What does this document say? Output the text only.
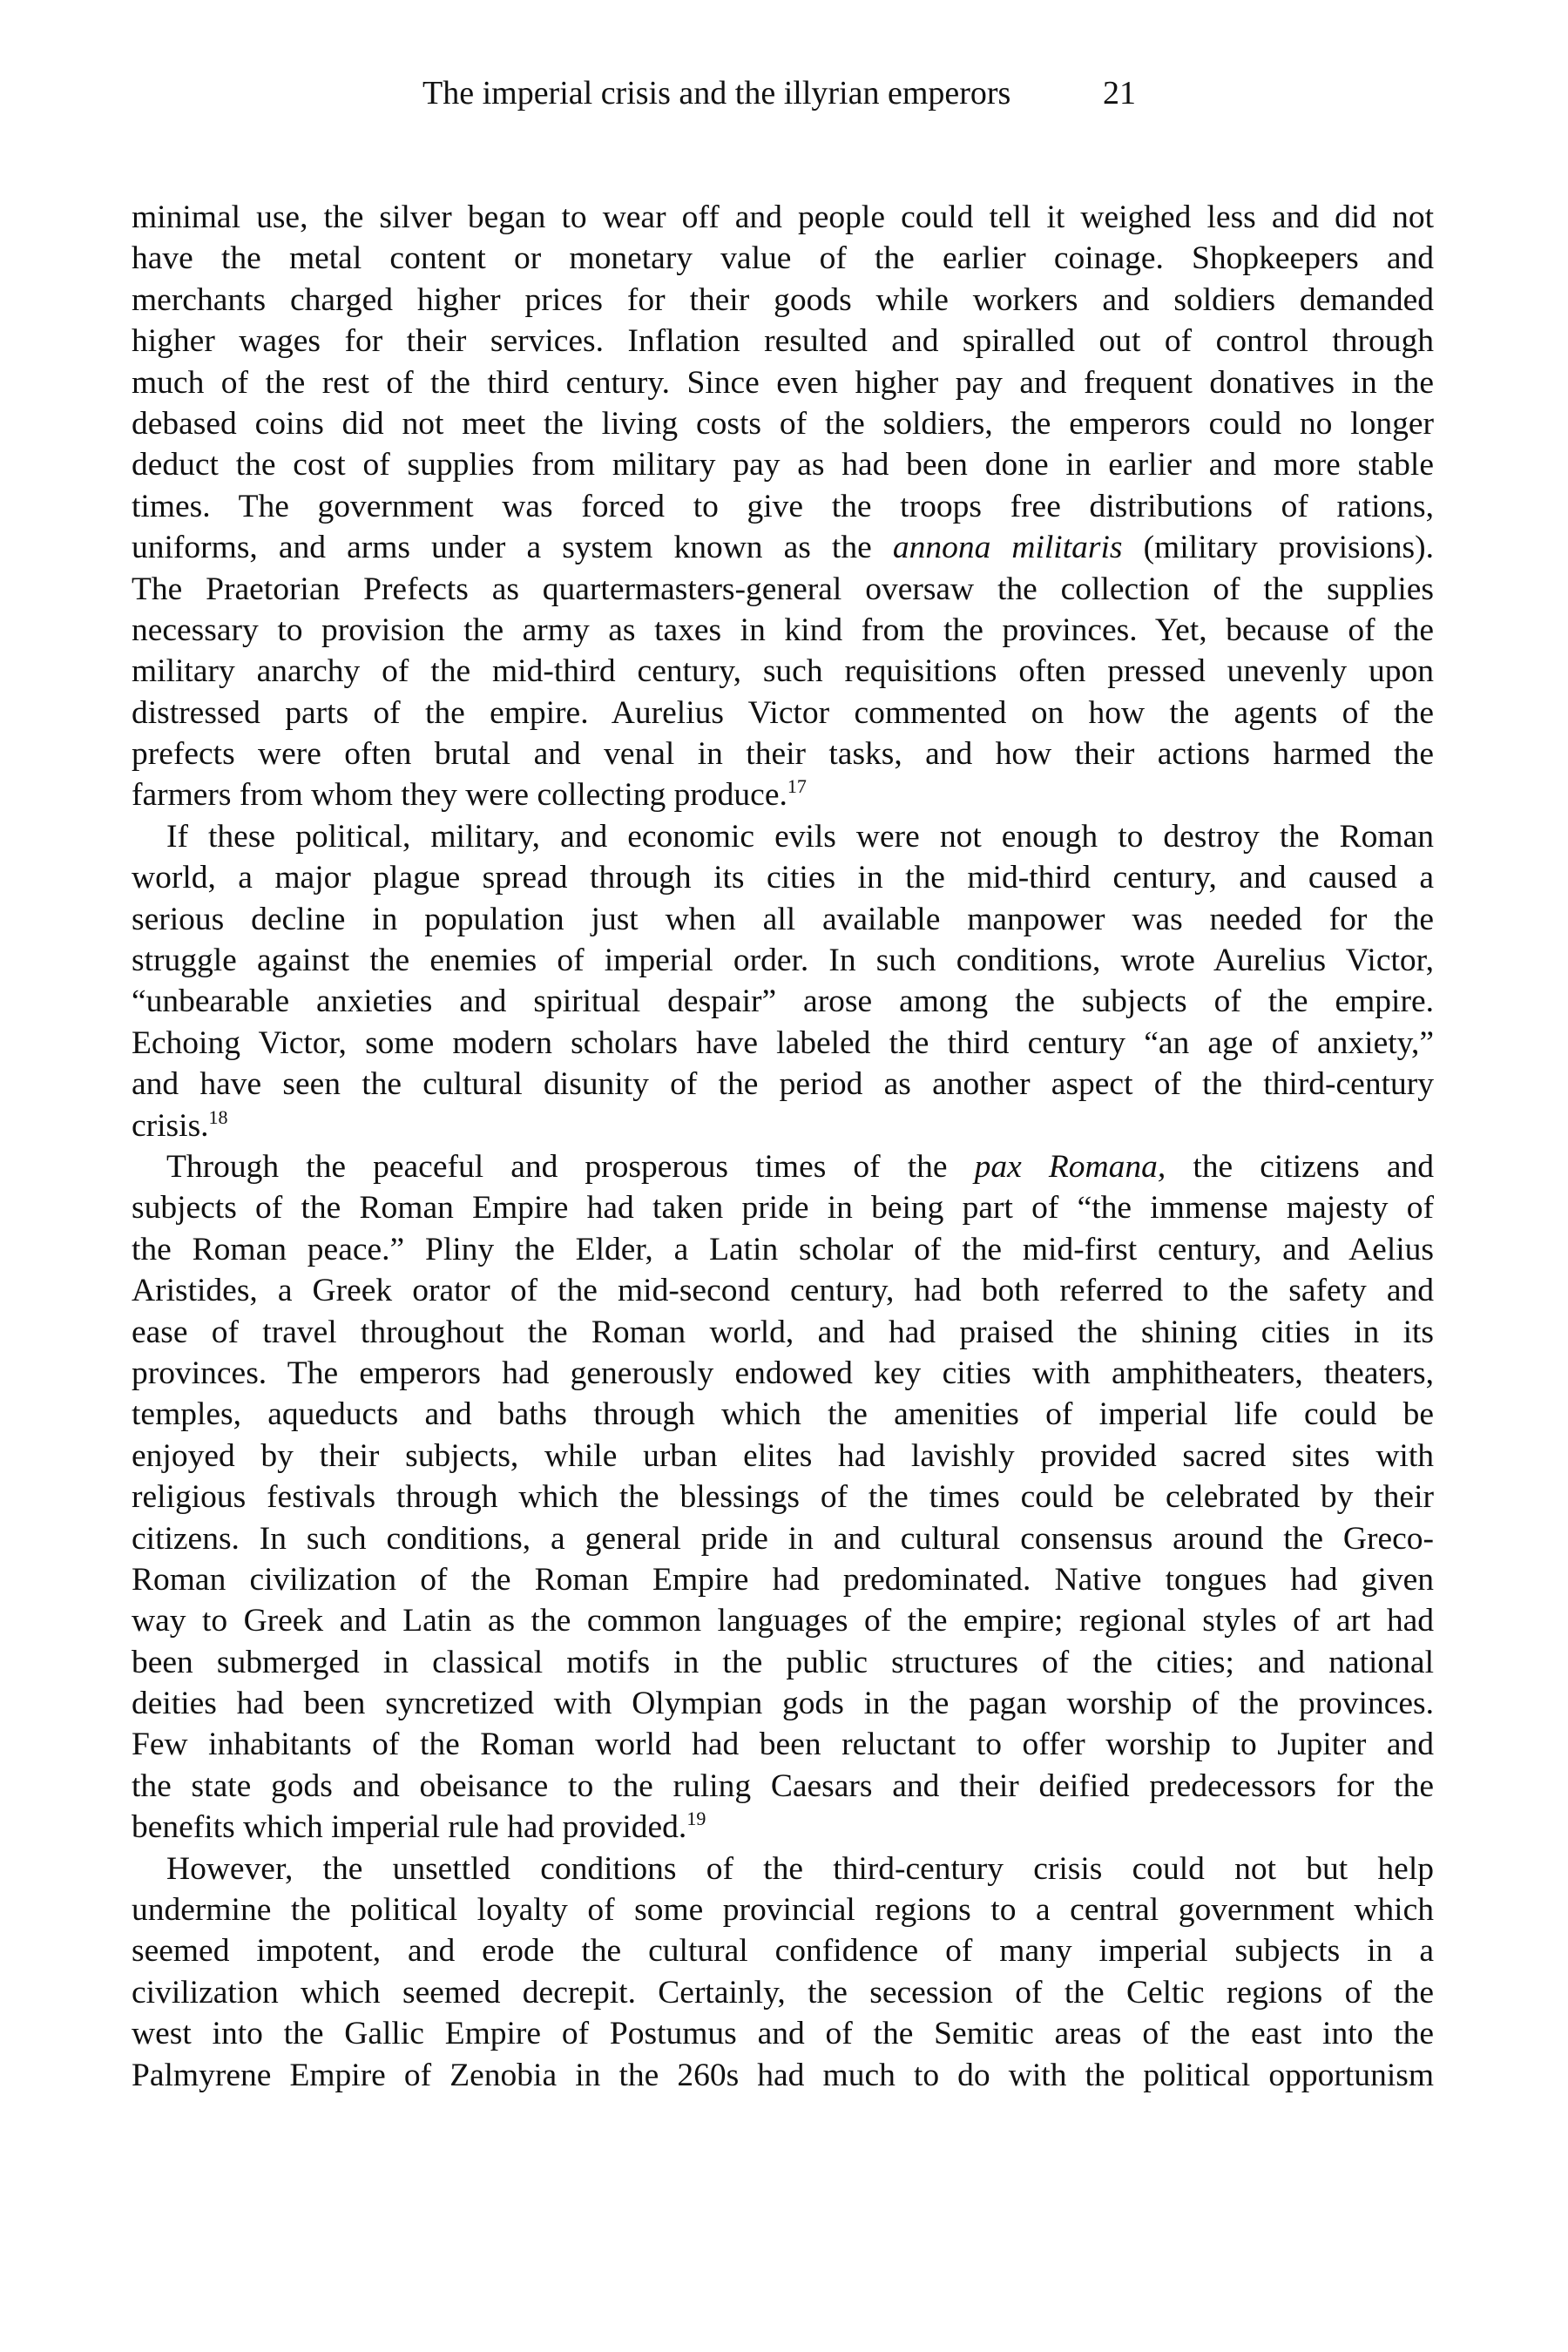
The imperial crisis and the illyrian emperors	21
minimal use, the silver began to wear off and people could tell it weighed less and did not
have the metal content or monetary value of the earlier coinage. Shopkeepers and
merchants charged higher prices for their goods while workers and soldiers demanded
higher wages for their services. Inflation resulted and spiralled out of control through
much of the rest of the third century. Since even higher pay and frequent donatives in the
debased coins did not meet the living costs of the soldiers, the emperors could no longer
deduct the cost of supplies from military pay as had been done in earlier and more stable
times. The government was forced to give the troops free distributions of rations,
uniforms, and arms under a system known as the annona militaris (military provisions).
The Praetorian Prefects as quartermasters-general oversaw the collection of the supplies
necessary to provision the army as taxes in kind from the provinces. Yet, because of the
military anarchy of the mid-third century, such requisitions often pressed unevenly upon
distressed parts of the empire. Aurelius Victor commented on how the agents of the
prefects were often brutal and venal in their tasks, and how their actions harmed the
farmers from whom they were collecting produce.$^{17}$
If these political, military, and economic evils were not enough to destroy the Roman
world, a major plague spread through its cities in the mid-third century, and caused a
serious decline in population just when all available manpower was needed for the
struggle against the enemies of imperial order. In such conditions, wrote Aurelius Victor,
“unbearable anxieties and spiritual despair” arose among the subjects of the empire.
Echoing Victor, some modern scholars have labeled the third century “an age of anxiety,”
and have seen the cultural disunity of the period as another aspect of the third-century
crisis.$^{18}$
Through the peaceful and prosperous times of the pax Romana, the citizens and
subjects of the Roman Empire had taken pride in being part of “the immense majesty of
the Roman peace.” Pliny the Elder, a Latin scholar of the mid-first century, and Aelius
Aristides, a Greek orator of the mid-second century, had both referred to the safety and
ease of travel throughout the Roman world, and had praised the shining cities in its
provinces. The emperors had generously endowed key cities with amphitheaters, theaters,
temples, aqueducts and baths through which the amenities of imperial life could be
enjoyed by their subjects, while urban elites had lavishly provided sacred sites with
religious festivals through which the blessings of the times could be celebrated by their
citizens. In such conditions, a general pride in and cultural consensus around the Greco-
Roman civilization of the Roman Empire had predominated. Native tongues had given
way to Greek and Latin as the common languages of the empire; regional styles of art had
been submerged in classical motifs in the public structures of the cities; and national
deities had been syncretized with Olympian gods in the pagan worship of the provinces.
Few inhabitants of the Roman world had been reluctant to offer worship to Jupiter and
the state gods and obeisance to the ruling Caesars and their deified predecessors for the
benefits which imperial rule had provided.$^{19}$
However, the unsettled conditions of the third-century crisis could not but help
undermine the political loyalty of some provincial regions to a central government which
seemed impotent, and erode the cultural confidence of many imperial subjects in a
civilization which seemed decrepit. Certainly, the secession of the Celtic regions of the
west into the Gallic Empire of Postumus and of the Semitic areas of the east into the
Palmyrene Empire of Zenobia in the 260s had much to do with the political opportunism
